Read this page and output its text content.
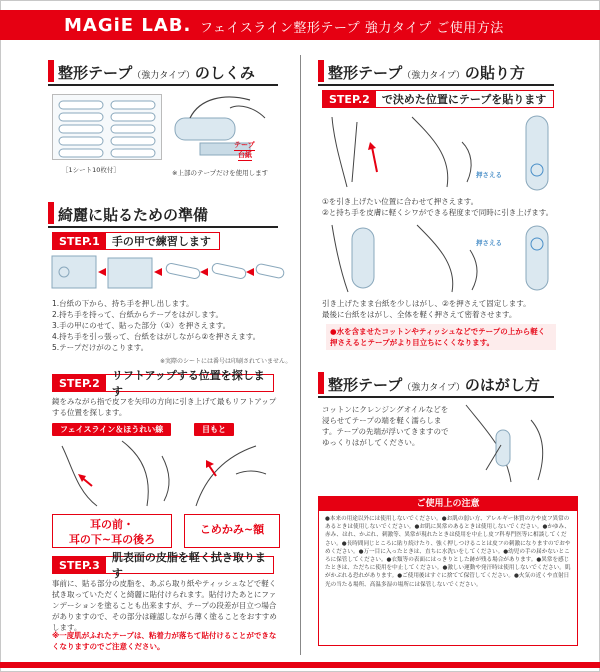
MAGiE LAB. フェイスライン整形テープ 強力タイプ ご使用方法
整形テープ（強力タイプ）のしくみ
［1シート10枚付］
テープ
台紙
※上部のテープだけを使用します
綺麗に貼るための準備
STEP.1	手の甲で練習します
1.台紙の下から、持ち手を押し出します。
2.持ち手を持って、台紙からテープをはがします。
3.手の甲にのせて、貼った部分（①）を押さえます。
4.持ち手を引っ張って、台紙をはがしながら②を押さえます。
5.テープだけがのこります。
※実際のシートには番号は印刷されていません。
STEP.2
リフトアップする位置を探します
鏡をみながら指で皮フを矢印の方向に引き上げて最もリフトアップする位置を探します。
フェイスライン＆ほうれい線	目もと
耳の前・
耳の下~耳の後ろ
こめかみ~額
STEP.3
肌表面の皮脂を軽く拭き取ります
事前に、貼る部分の皮脂を、あぶら取り紙やティッシュなどで軽く拭き取っていただくと綺麗に貼付けられます。貼付けたあとにファンデーションを塗ることも出来ますが、テープの段差が目立つ場合がありますので、その部分は確認しながら薄く塗ることをおすすめします。
※一度肌がふれたテープは、粘着力が落ちて貼付けることができなくなりますのでご注意ください。
整形テープ（強力タイプ）の貼り方
STEP.2	で決めた位置にテープを貼ります
押さえる
①を引き上げたい位置に合わせて押さえます。
②と持ち手を皮膚に軽くシワができる程度まで同時に引き上げます。
押さえる
引き上げたまま台紙を少しはがし、②を押さえて固定します。
最後に台紙をはがし、全体を軽く押さえて密着させます。
●水を含ませたコットンやティッシュなどでテープの上から軽く押さえるとテープがより目立ちにくくなります。
整形テープ（強力タイプ）のはがし方
コットンにクレンジングオイルなどを浸らせてテープの端を軽く濡らします。テープの先端が浮いてきますのでゆっくりはがしてください。
ご使用上の注意
●本来の用途以外には使用しないでください。●お肌の弱い方、アレルギー体質の方や皮フ異常のあるときは使用しないでください。●お肌に異常のあるときは使用しないでください。●かゆみ、赤み、はれ、かぶれ、刺激等、異常が現れたときは使用を中止し皮フ科専門医等に相談してください。●長時間同じところに貼り続けたり、強く押しつけることは皮フの刺激になりますのでおやめください。●万一目に入ったときは、直ちに水洗いをしてください。●幼児の手の届かないところに保管してください。●衣類等の表面にはっきりとした跡が残る場合があります。●異常を感じたときは、ただちに使用を中止してください。●激しい運動や発汗時は使用しないでください。肌がかぶれる恐れがあります。●ご使用後はすぐに捨てて保管してください。●火気の近くや直射日光の当たる場所、高温多湿の場所には保管しないでください。
